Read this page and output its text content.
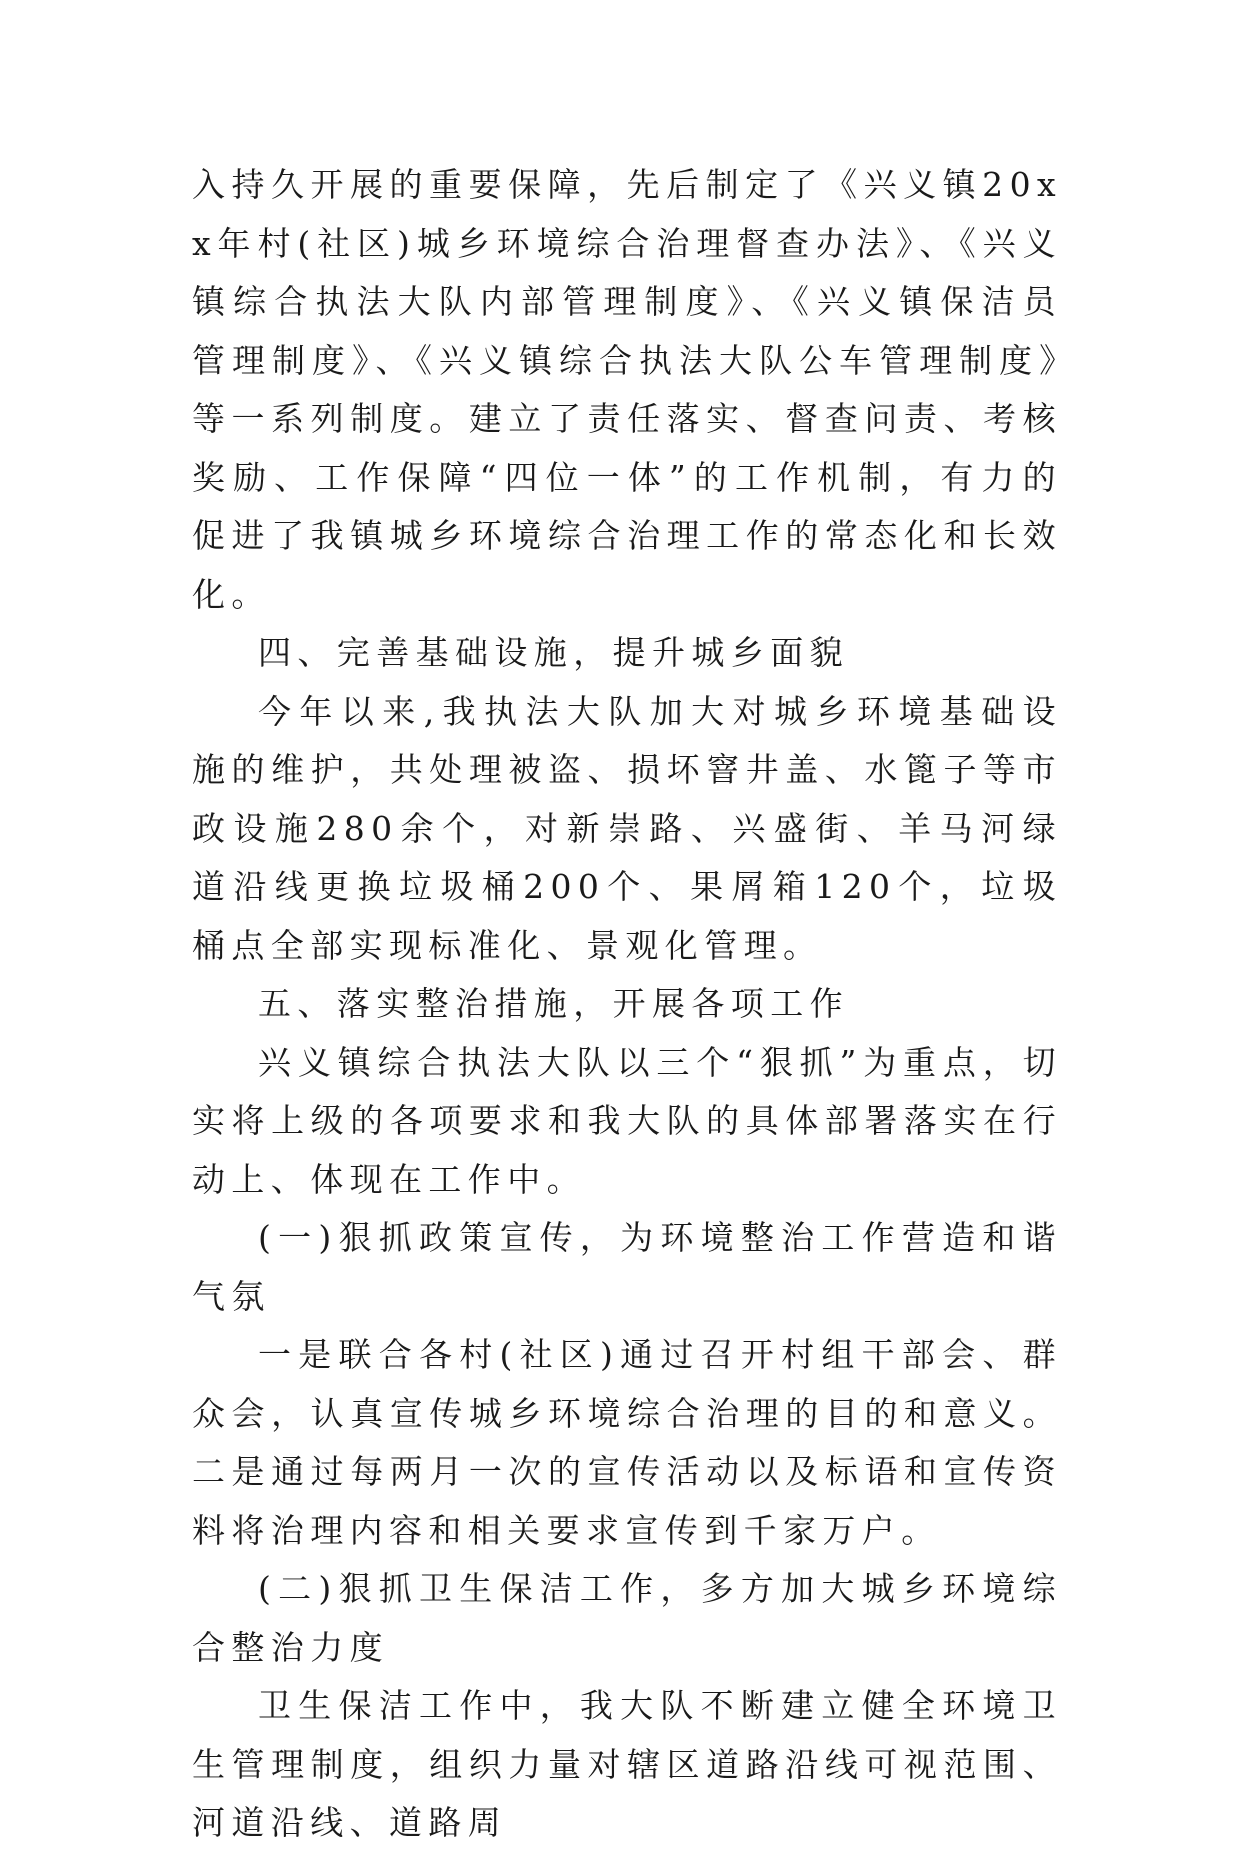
入持久开展的重要保障，先后制定了《兴义镇20xx年村(社区)城乡环境综合治理督查办法》、《兴义镇综合执法大队内部管理制度》、《兴义镇保洁员管理制度》、《兴义镇综合执法大队公车管理制度》等一系列制度。建立了责任落实、督查问责、考核奖励、工作保障“四位一体”的工作机制，有力的促进了我镇城乡环境综合治理工作的常态化和长效化。

四、完善基础设施，提升城乡面貌

今年以来,我执法大队加大对城乡环境基础设施的维护，共处理被盗、损坏窨井盖、水篦子等市政设施280余个，对新崇路、兴盛街、羊马河绿道沿线更换垃圾桶200个、果屑箱120个，垃圾桶点全部实现标准化、景观化管理。

五、落实整治措施，开展各项工作

兴义镇综合执法大队以三个“狠抓”为重点，切实将上级的各项要求和我大队的具体部署落实在行动上、体现在工作中。

(一)狠抓政策宣传，为环境整治工作营造和谐气氛

一是联合各村(社区)通过召开村组干部会、群众会，认真宣传城乡环境综合治理的目的和意义。二是通过每两月一次的宣传活动以及标语和宣传资料将治理内容和相关要求宣传到千家万户。

(二)狠抓卫生保洁工作，多方加大城乡环境综合整治力度

卫生保洁工作中，我大队不断建立健全环境卫生管理制度，组织力量对辖区道路沿线可视范围、河道沿线、道路周
